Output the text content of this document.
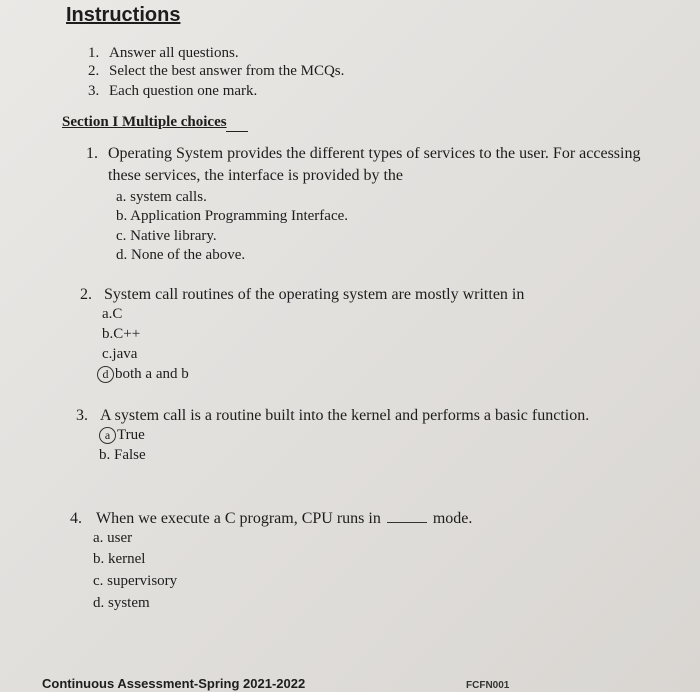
Instructions
1. Answer all questions.
2. Select the best answer from the MCQs.
3. Each question one mark.
Section I Multiple choices
1. Operating System provides the different types of services to the user. For accessing
these services, the interface is provided by the
a. system calls.
b. Application Programming Interface.
c. Native library.
d. None of the above.
2. System call routines of the operating system are mostly written in
a.C
b.C++
c.java
d both a and b
3. A system call is a routine built into the kernel and performs a basic function.
a True
b. False
4. When we execute a C program, CPU runs in	mode.
a. user
b. kernel
c. supervisory
d. system
Continuous Assessment-Spring 2021-2022	FCFN001
